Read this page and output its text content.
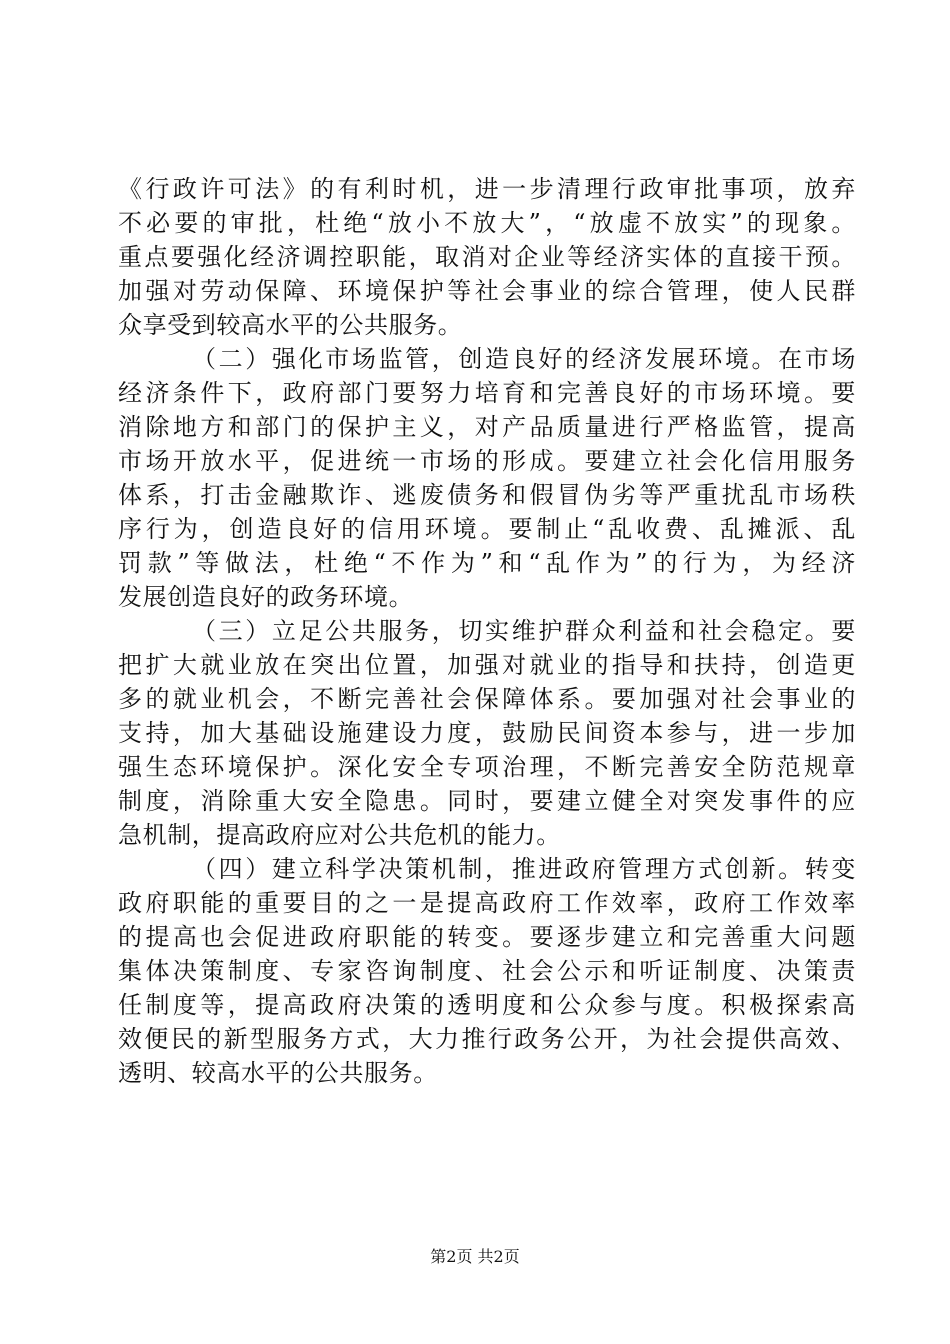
《行政许可法》的有利时机，进一步清理行政审批事项，放弃
不必要的审批，杜绝“放小不放大”，“放虚不放实”的现象。
重点要强化经济调控职能，取消对企业等经济实体的直接干预。
加强对劳动保障、环境保护等社会事业的综合管理，使人民群
众享受到较高水平的公共服务。
（二）强化市场监管，创造良好的经济发展环境。在市场
经济条件下，政府部门要努力培育和完善良好的市场环境。要
消除地方和部门的保护主义，对产品质量进行严格监管，提高
市场开放水平，促进统一市场的形成。要建立社会化信用服务
体系，打击金融欺诈、逃废债务和假冒伪劣等严重扰乱市场秩
序行为，创造良好的信用环境。要制止“乱收费、乱摊派、乱
罚款”等做法，杜绝“不作为”和“乱作为”的行为，为经济
发展创造良好的政务环境。
（三）立足公共服务，切实维护群众利益和社会稳定。要
把扩大就业放在突出位置，加强对就业的指导和扶持，创造更
多的就业机会，不断完善社会保障体系。要加强对社会事业的
支持，加大基础设施建设力度，鼓励民间资本参与，进一步加
强生态环境保护。深化安全专项治理，不断完善安全防范规章
制度，消除重大安全隐患。同时，要建立健全对突发事件的应
急机制，提高政府应对公共危机的能力。
（四）建立科学决策机制，推进政府管理方式创新。转变
政府职能的重要目的之一是提高政府工作效率，政府工作效率
的提高也会促进政府职能的转变。要逐步建立和完善重大问题
集体决策制度、专家咨询制度、社会公示和听证制度、决策责
任制度等，提高政府决策的透明度和公众参与度。积极探索高
效便民的新型服务方式，大力推行政务公开，为社会提供高效、
透明、较高水平的公共服务。
第2页 共2页
